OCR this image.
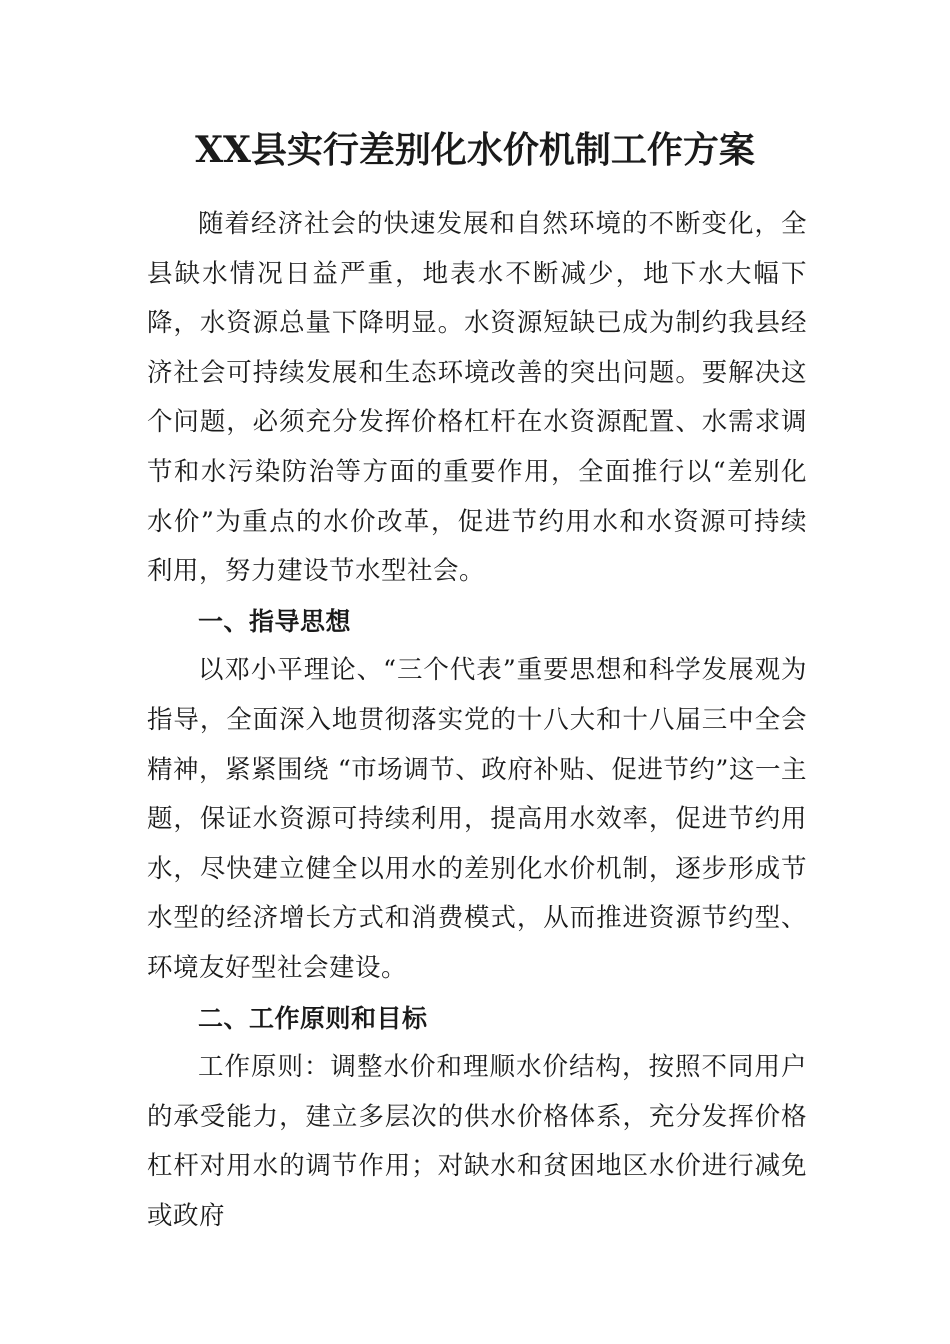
XX县实行差别化水价机制工作方案

随着经济社会的快速发展和自然环境的不断变化，全县缺水情况日益严重，地表水不断减少，地下水大幅下降，水资源总量下降明显。水资源短缺已成为制约我县经济社会可持续发展和生态环境改善的突出问题。要解决这个问题，必须充分发挥价格杠杆在水资源配置、水需求调节和水污染防治等方面的重要作用，全面推行以“差别化水价”为重点的水价改革，促进节约用水和水资源可持续利用，努力建设节水型社会。

一、指导思想

以邓小平理论、“三个代表”重要思想和科学发展观为指导，全面深入地贯彻落实党的十八大和十八届三中全会精神，紧紧围绕 “市场调节、政府补贴、促进节约”这一主题，保证水资源可持续利用，提高用水效率，促进节约用水，尽快建立健全以用水的差别化水价机制，逐步形成节水型的经济增长方式和消费模式，从而推进资源节约型、环境友好型社会建设。

二、工作原则和目标

工作原则：调整水价和理顺水价结构，按照不同用户的承受能力，建立多层次的供水价格体系，充分发挥价格杠杆对用水的调节作用；对缺水和贫困地区水价进行减免或政府
